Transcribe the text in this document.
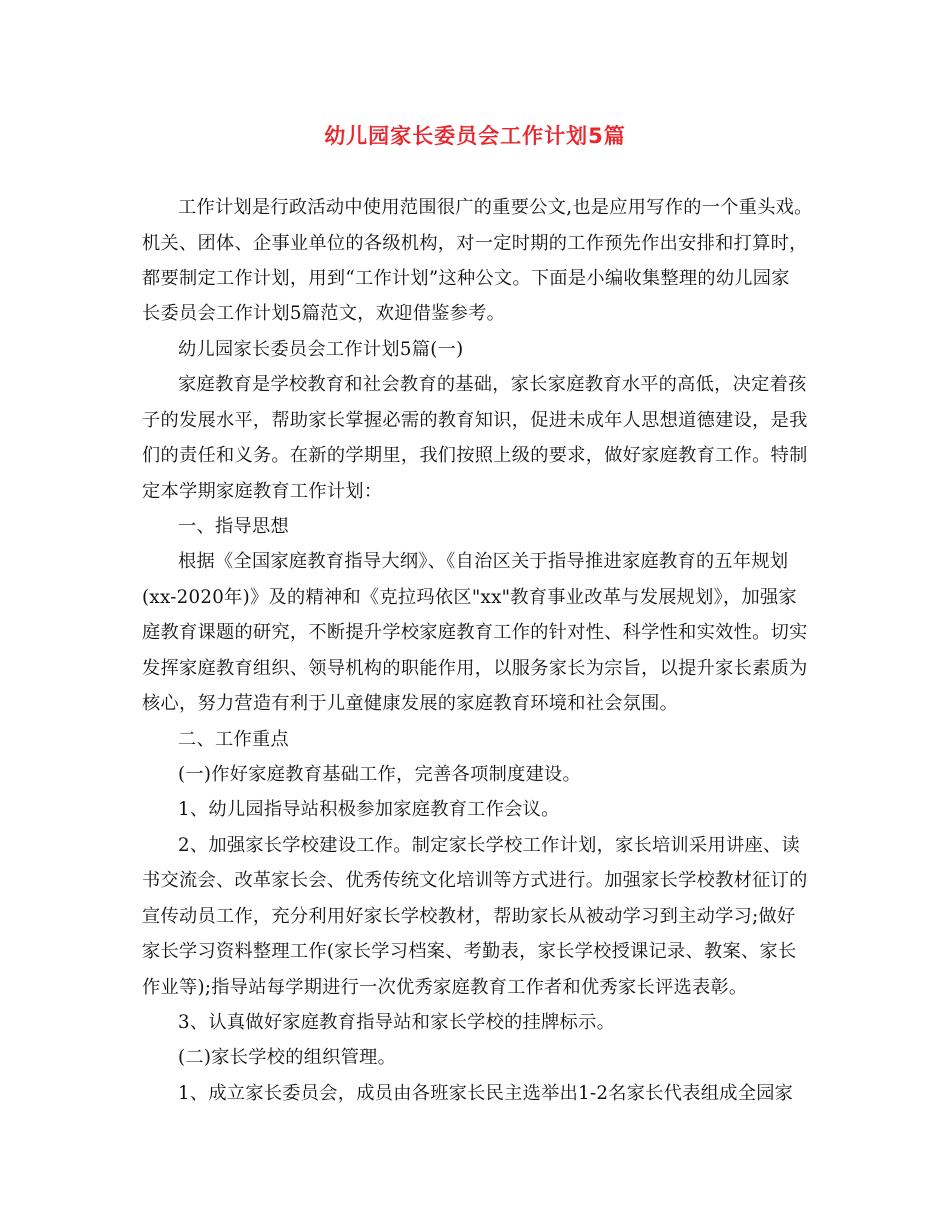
幼儿园家长委员会工作计划5篇
工作计划是行政活动中使用范围很广的重要公文,也是应用写作的一个重头戏。
机关、团体、企事业单位的各级机构，对一定时期的工作预先作出安排和打算时，
都要制定工作计划，用到“工作计划”这种公文。下面是小编收集整理的幼儿园家
长委员会工作计划5篇范文，欢迎借鉴参考。
幼儿园家长委员会工作计划5篇(一)
家庭教育是学校教育和社会教育的基础，家长家庭教育水平的高低，决定着孩
子的发展水平，帮助家长掌握必需的教育知识，促进未成年人思想道德建设，是我
们的责任和义务。在新的学期里，我们按照上级的要求，做好家庭教育工作。特制
定本学期家庭教育工作计划：
一、指导思想
根据《全国家庭教育指导大纲》、《自治区关于指导推进家庭教育的五年规划
(xx-2020年)》及的精神和《克拉玛依区"xx"教育事业改革与发展规划》，加强家
庭教育课题的研究，不断提升学校家庭教育工作的针对性、科学性和实效性。切实
发挥家庭教育组织、领导机构的职能作用，以服务家长为宗旨，以提升家长素质为
核心，努力营造有利于儿童健康发展的家庭教育环境和社会氛围。
二、工作重点
(一)作好家庭教育基础工作，完善各项制度建设。
1、幼儿园指导站积极参加家庭教育工作会议。
2、加强家长学校建设工作。制定家长学校工作计划，家长培训采用讲座、读
书交流会、改革家长会、优秀传统文化培训等方式进行。加强家长学校教材征订的
宣传动员工作，充分利用好家长学校教材，帮助家长从被动学习到主动学习;做好
家长学习资料整理工作(家长学习档案、考勤表，家长学校授课记录、教案、家长
作业等);指导站每学期进行一次优秀家庭教育工作者和优秀家长评选表彰。
3、认真做好家庭教育指导站和家长学校的挂牌标示。
(二)家长学校的组织管理。
1、成立家长委员会，成员由各班家长民主选举出1-2名家长代表组成全园家
